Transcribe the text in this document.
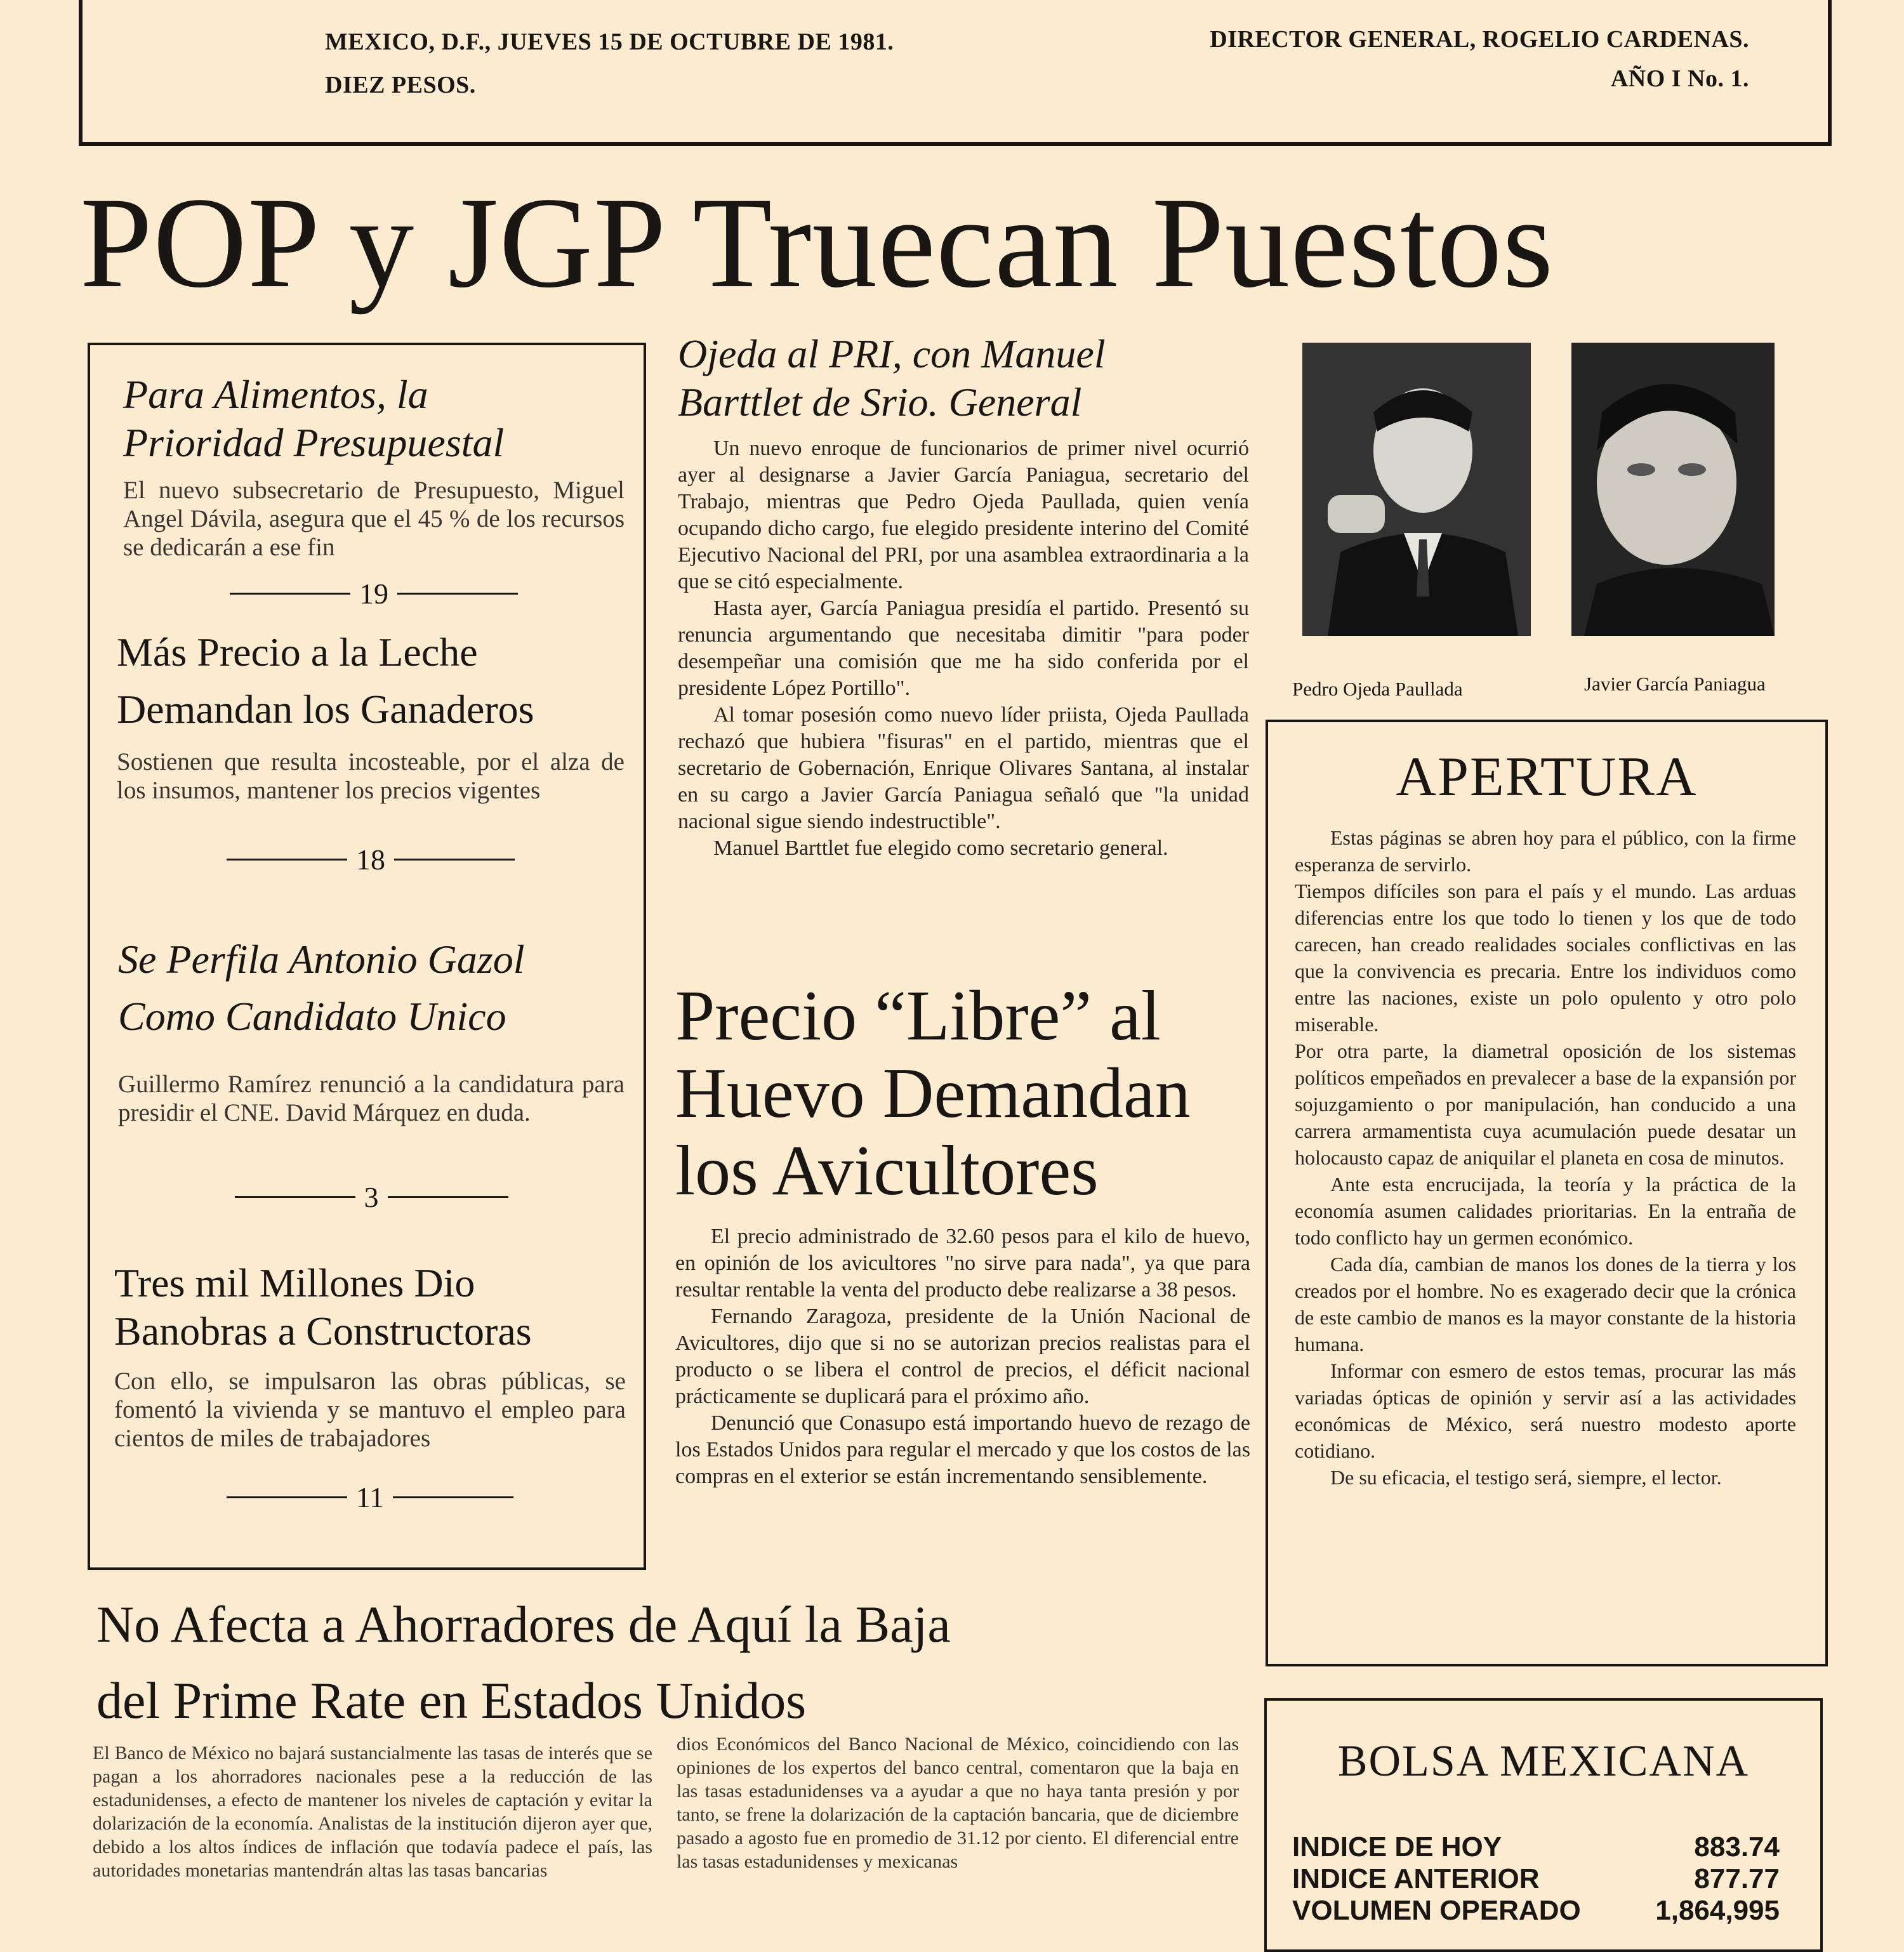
MEXICO, D.F., JUEVES 15 DE OCTUBRE DE 1981.
DIEZ PESOS.
DIRECTOR GENERAL, ROGELIO CARDENAS.
AÑO I No. 1.
POP y JGP Truecan Puestos
Para Alimentos, la
Prioridad Presupuestal
El nuevo subsecretario de Presupuesto, Miguel Angel Dávila, asegura que el 45 % de los recursos se dedicarán a ese fin
19
Más Precio a la Leche
Demandan los Ganaderos
Sostienen que resulta incosteable, por el alza de los insumos, mantener los precios vigentes
18
Se Perfila Antonio Gazol
Como Candidato Unico
Guillermo Ramírez renunció a la candidatura para presidir el CNE. David Márquez en duda.
3
Tres mil Millones Dio
Banobras a Constructoras
Con ello, se impulsaron las obras públicas, se fomentó la vivienda y se mantuvo el empleo para cientos de miles de trabajadores
11
Ojeda al PRI, con Manuel
Barttlet de Srio. General

Un nuevo enroque de funcionarios de primer nivel ocurrió ayer al designarse a Javier García Paniagua, secretario del Trabajo, mientras que Pedro Ojeda Paullada, quien venía ocupando dicho cargo, fue elegido presidente interino del Comité Ejecutivo Nacional del PRI, por una asamblea extraordinaria a la que se citó especialmente.

Hasta ayer, García Paniagua presidía el partido. Presentó su renuncia argumentando que necesitaba dimitir "para poder desempeñar una comisión que me ha sido conferida por el presidente López Portillo".

Al tomar posesión como nuevo líder priista, Ojeda Paullada rechazó que hubiera "fisuras" en el partido, mientras que el secretario de Gobernación, Enrique Olivares Santana, al instalar en su cargo a Javier García Paniagua señaló que "la unidad nacional sigue siendo indestructible".

Manuel Barttlet fue elegido como secretario general.

Precio “Libre” al
Huevo Demandan
los Avicultores

El precio administrado de 32.60 pesos para el kilo de huevo, en opinión de los avicultores "no sirve para nada", ya que para resultar rentable la venta del producto debe realizarse a 38 pesos.

Fernando Zaragoza, presidente de la Unión Nacional de Avicultores, dijo que si no se autorizan precios realistas para el producto o se libera el control de precios, el déficit nacional prácticamente se duplicará para el próximo año.

Denunció que Conasupo está importando huevo de rezago de los Estados Unidos para regular el mercado y que los costos de las compras en el exterior se están incrementando sensiblemente.

Pedro Ojeda Paullada	Javier García Paniagua
APERTURA

Estas páginas se abren hoy para el público, con la firme esperanza de servirlo.

Tiempos difíciles son para el país y el mundo. Las arduas diferencias entre los que todo lo tienen y los que de todo carecen, han creado realidades sociales conflictivas en las que la convivencia es precaria. Entre los individuos como entre las naciones, existe un polo opulento y otro polo miserable.

Por otra parte, la diametral oposición de los sistemas políticos empeñados en prevalecer a base de la expansión por sojuzgamiento o por manipulación, han conducido a una carrera armamentista cuya acumulación puede desatar un holocausto capaz de aniquilar el planeta en cosa de minutos.

Ante esta encrucijada, la teoría y la práctica de la economía asumen calidades prioritarias. En la entraña de todo conflicto hay un germen económico.

Cada día, cambian de manos los dones de la tierra y los creados por el hombre. No es exagerado decir que la crónica de este cambio de manos es la mayor constante de la historia humana.

Informar con esmero de estos temas, procurar las más variadas ópticas de opinión y servir así a las actividades económicas de México, será nuestro modesto aporte cotidiano.

De su eficacia, el testigo será, siempre, el lector.

No Afecta a Ahorradores de Aquí la Baja
del Prime Rate en Estados Unidos
El Banco de México no bajará sustancialmente las tasas de interés que se pagan a los ahorradores nacionales pese a la reducción de las estadunidenses, a efecto de mantener los niveles de captación y evitar la dolarización de la economía. Analistas de la institución dijeron ayer que, debido a los altos índices de inflación que todavía padece el país, las autoridades monetarias mantendrán altas las tasas bancarias
dios Económicos del Banco Nacional de México, coincidiendo con las opiniones de los expertos del banco central, comentaron que la baja en las tasas estadunidenses va a ayudar a que no haya tanta presión y por tanto, se frene la dolarización de la captación bancaria, que de diciembre pasado a agosto fue en promedio de 31.12 por ciento. El diferencial entre las tasas estadunidenses y mexicanas
BOLSA MEXICANA
INDICE DE HOY	883.74
INDICE ANTERIOR	877.77
VOLUMEN OPERADO	1,864,995
